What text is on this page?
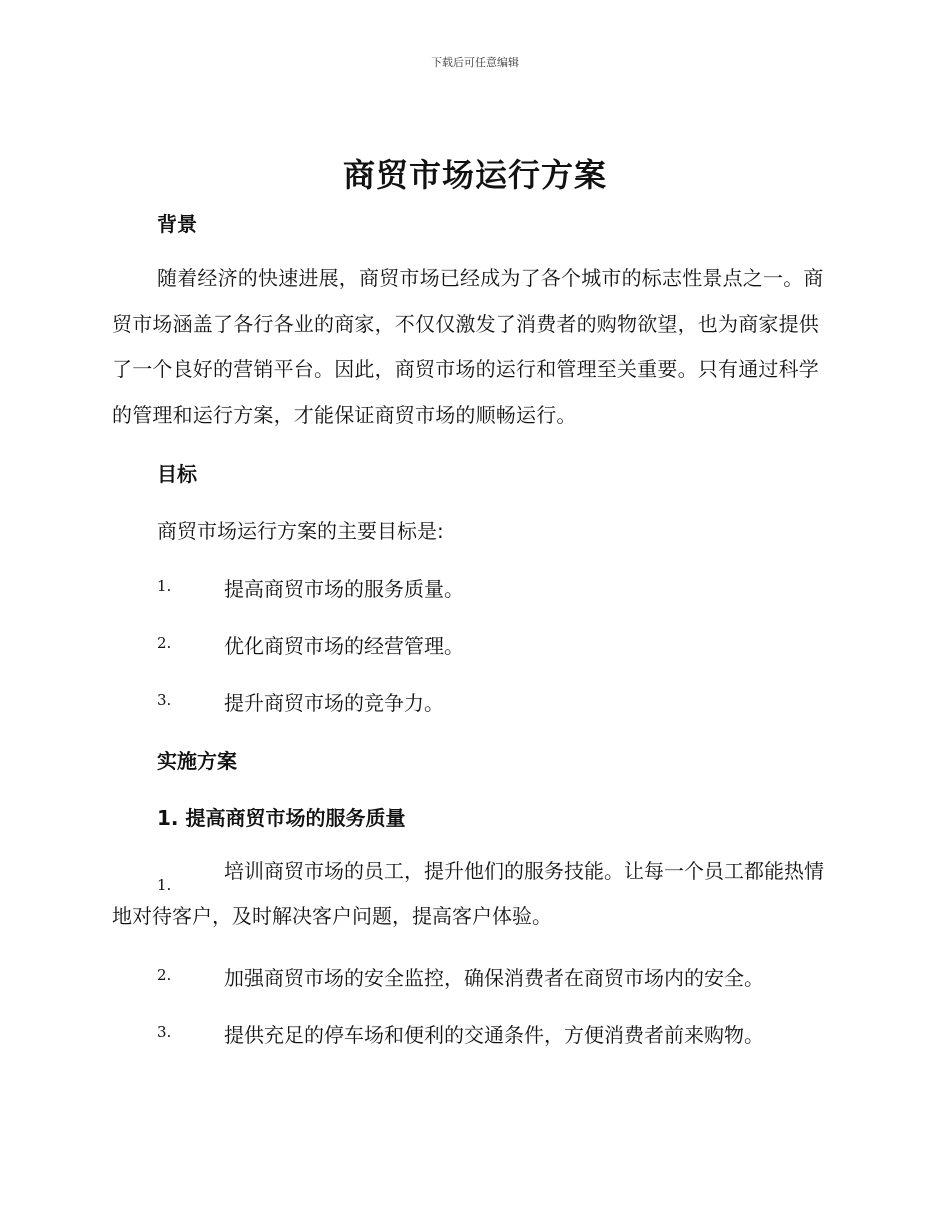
下载后可任意编辑
商贸市场运行方案
背景
随着经济的快速进展，商贸市场已经成为了各个城市的标志性景点之一。商贸市场涵盖了各行各业的商家，不仅仅激发了消费者的购物欲望，也为商家提供了一个良好的营销平台。因此，商贸市场的运行和管理至关重要。只有通过科学的管理和运行方案，才能保证商贸市场的顺畅运行。
目标
商贸市场运行方案的主要目标是:
1.	提高商贸市场的服务质量。
2.	优化商贸市场的经营管理。
3.	提升商贸市场的竞争力。
实施方案
1. 提高商贸市场的服务质量
1.

培训商贸市场的员工，提升他们的服务技能。让每一个员工都能热情地对待客户，及时解决客户问题，提高客户体验。

2.	加强商贸市场的安全监控，确保消费者在商贸市场内的安全。
3.	提供充足的停车场和便利的交通条件，方便消费者前来购物。
